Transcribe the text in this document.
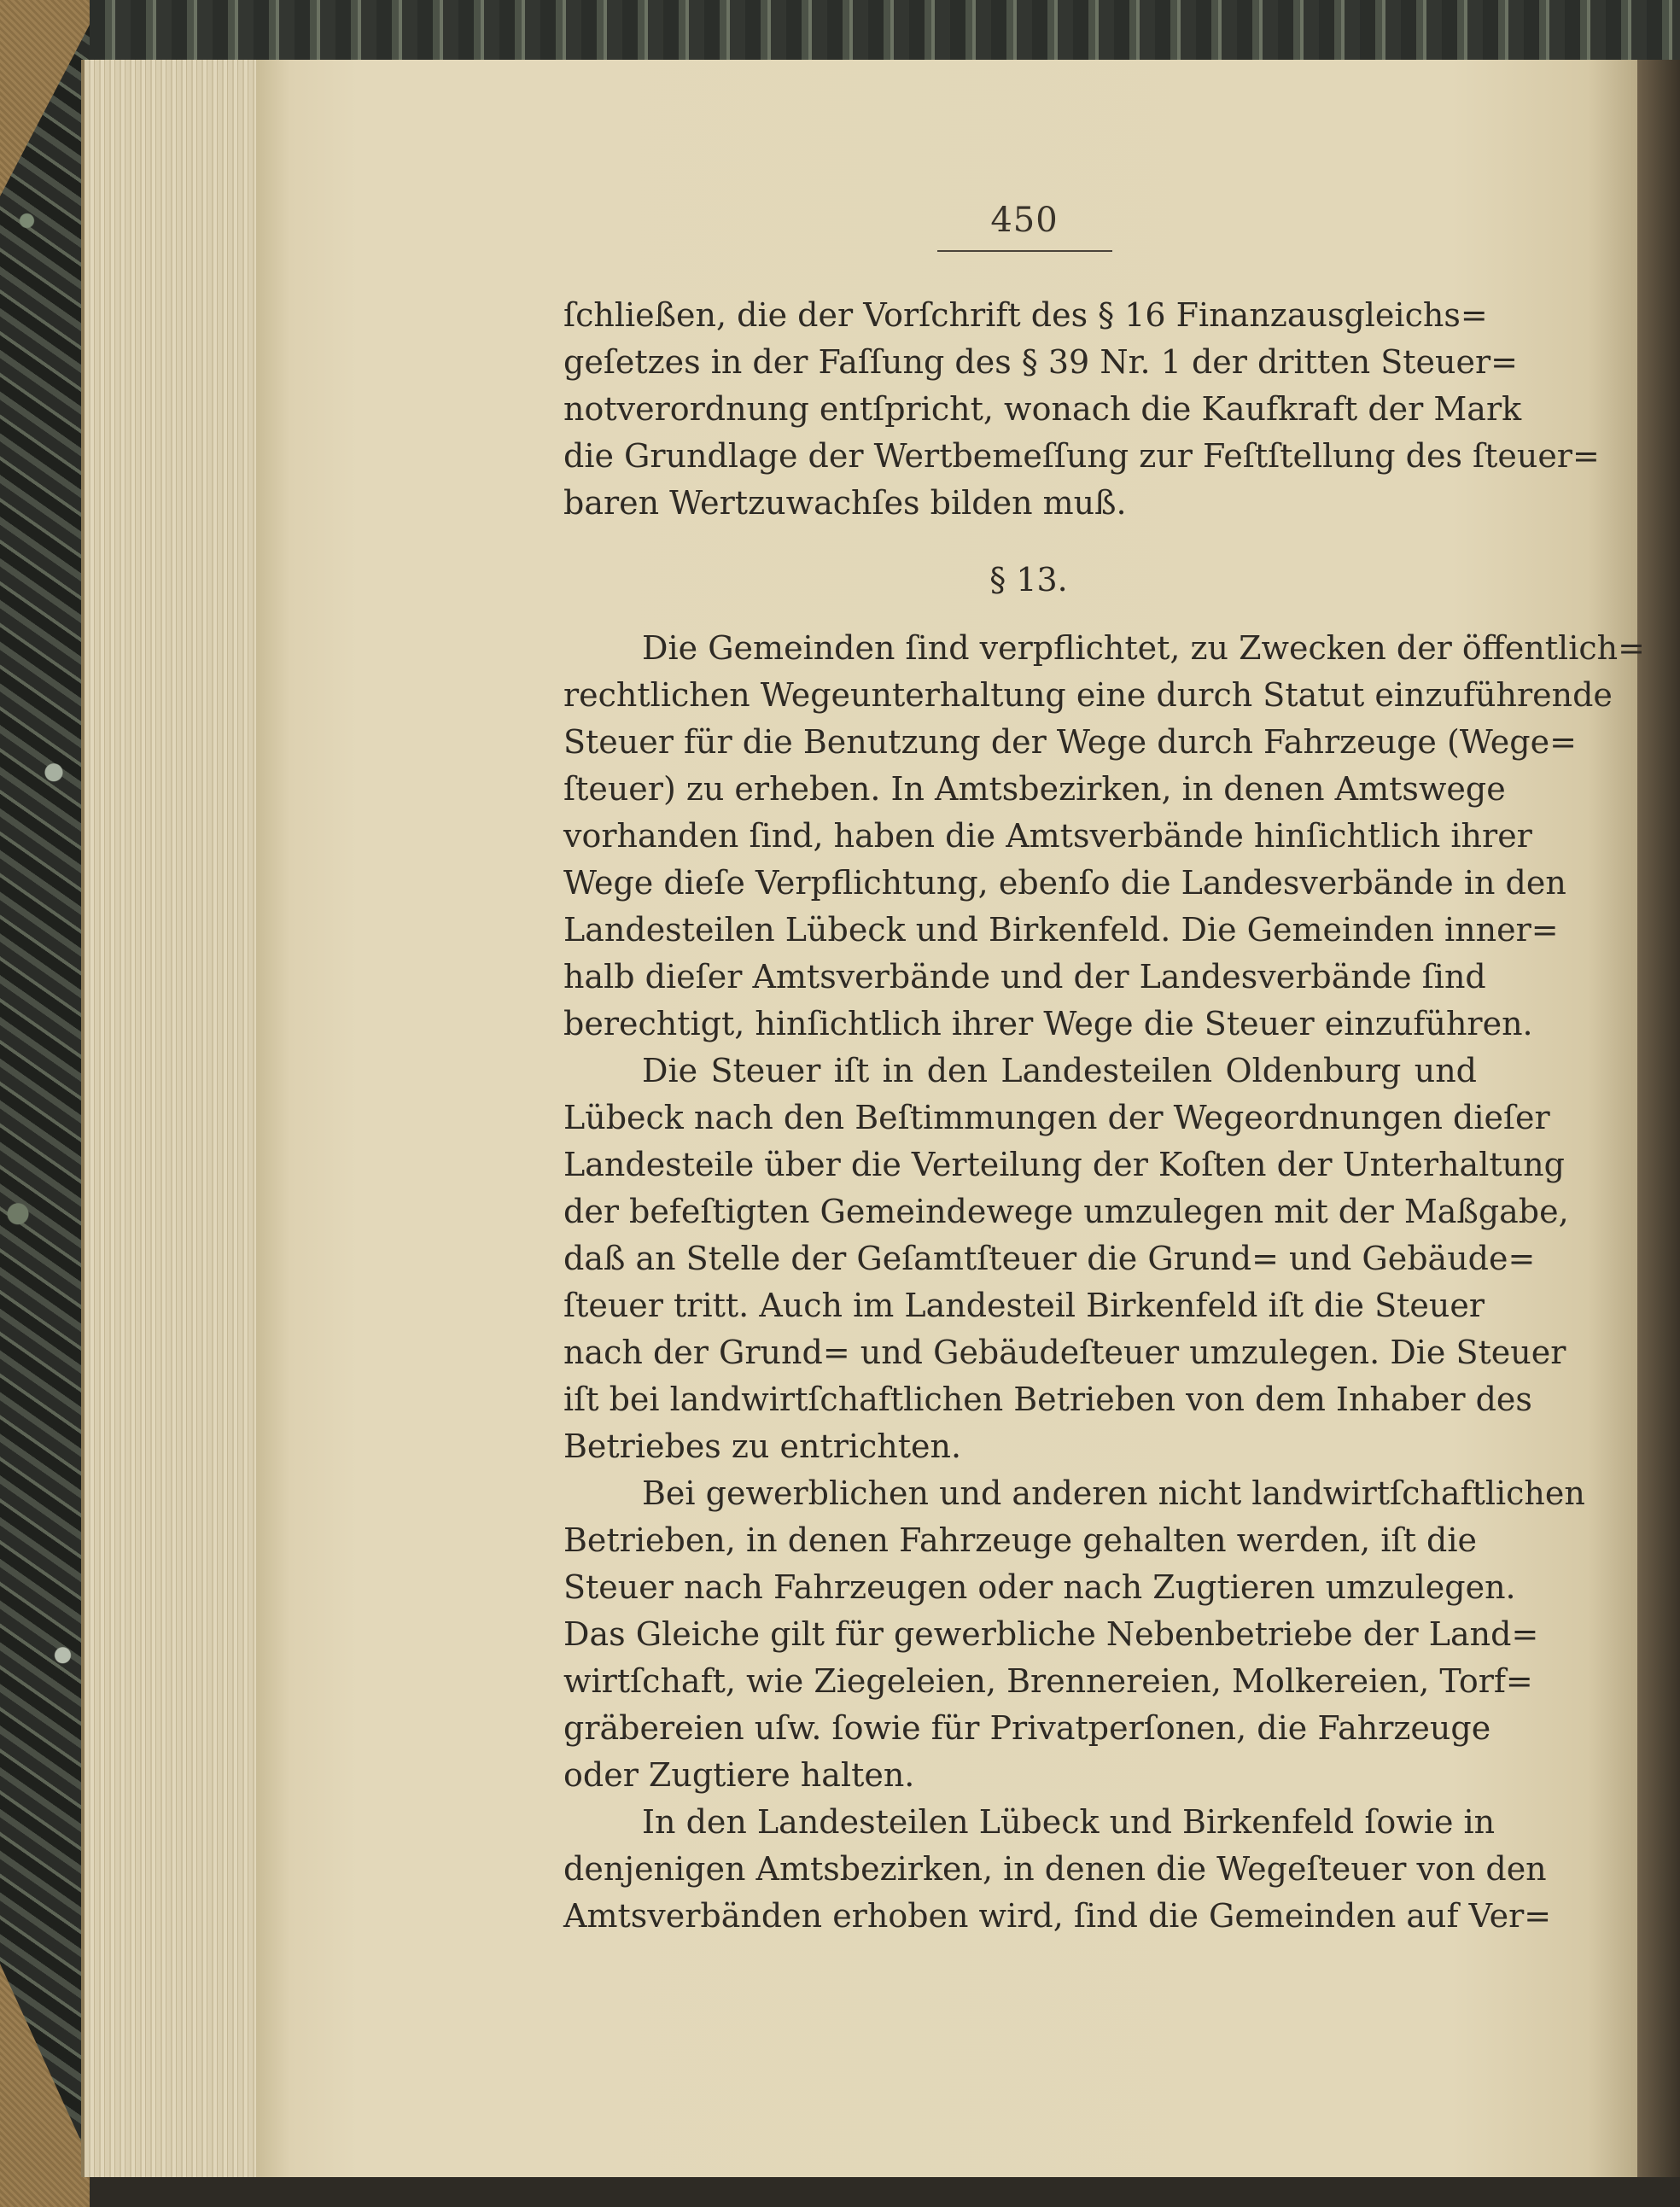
450
ſchließen, die der Vorſchrift des § 16 Finanzausgleichs=
geſetzes in der Faſſung des § 39 Nr. 1 der dritten Steuer=
notverordnung entſpricht, wonach die Kaufkraft der Mark
die Grundlage der Wertbemeſſung zur Feſtſtellung des ſteuer=
baren Wertzuwachſes bilden muß.
§ 13.
Die Gemeinden ſind verpflichtet, zu Zwecken der öffentlich=
rechtlichen Wegeunterhaltung eine durch Statut einzuführende
Steuer für die Benutzung der Wege durch Fahrzeuge (Wege=
ſteuer) zu erheben. In Amtsbezirken, in denen Amtswege
vorhanden ſind, haben die Amtsverbände hinſichtlich ihrer
Wege dieſe Verpflichtung, ebenſo die Landesverbände in den
Landesteilen Lübeck und Birkenfeld. Die Gemeinden inner=
halb dieſer Amtsverbände und der Landesverbände ſind
berechtigt, hinſichtlich ihrer Wege die Steuer einzuführen.
Die Steuer iſt in den Landesteilen Oldenburg und
Lübeck nach den Beſtimmungen der Wegeordnungen dieſer
Landesteile über die Verteilung der Koſten der Unterhaltung
der befeſtigten Gemeindewege umzulegen mit der Maßgabe,
daß an Stelle der Geſamtſteuer die Grund= und Gebäude=
ſteuer tritt. Auch im Landesteil Birkenfeld iſt die Steuer
nach der Grund= und Gebäudeſteuer umzulegen. Die Steuer
iſt bei landwirtſchaftlichen Betrieben von dem Inhaber des
Betriebes zu entrichten.
Bei gewerblichen und anderen nicht landwirtſchaftlichen
Betrieben, in denen Fahrzeuge gehalten werden, iſt die
Steuer nach Fahrzeugen oder nach Zugtieren umzulegen.
Das Gleiche gilt für gewerbliche Nebenbetriebe der Land=
wirtſchaft, wie Ziegeleien, Brennereien, Molkereien, Torf=
gräbereien uſw. ſowie für Privatperſonen, die Fahrzeuge
oder Zugtiere halten.
In den Landesteilen Lübeck und Birkenfeld ſowie in
denjenigen Amtsbezirken, in denen die Wegeſteuer von den
Amtsverbänden erhoben wird, ſind die Gemeinden auf Ver=
